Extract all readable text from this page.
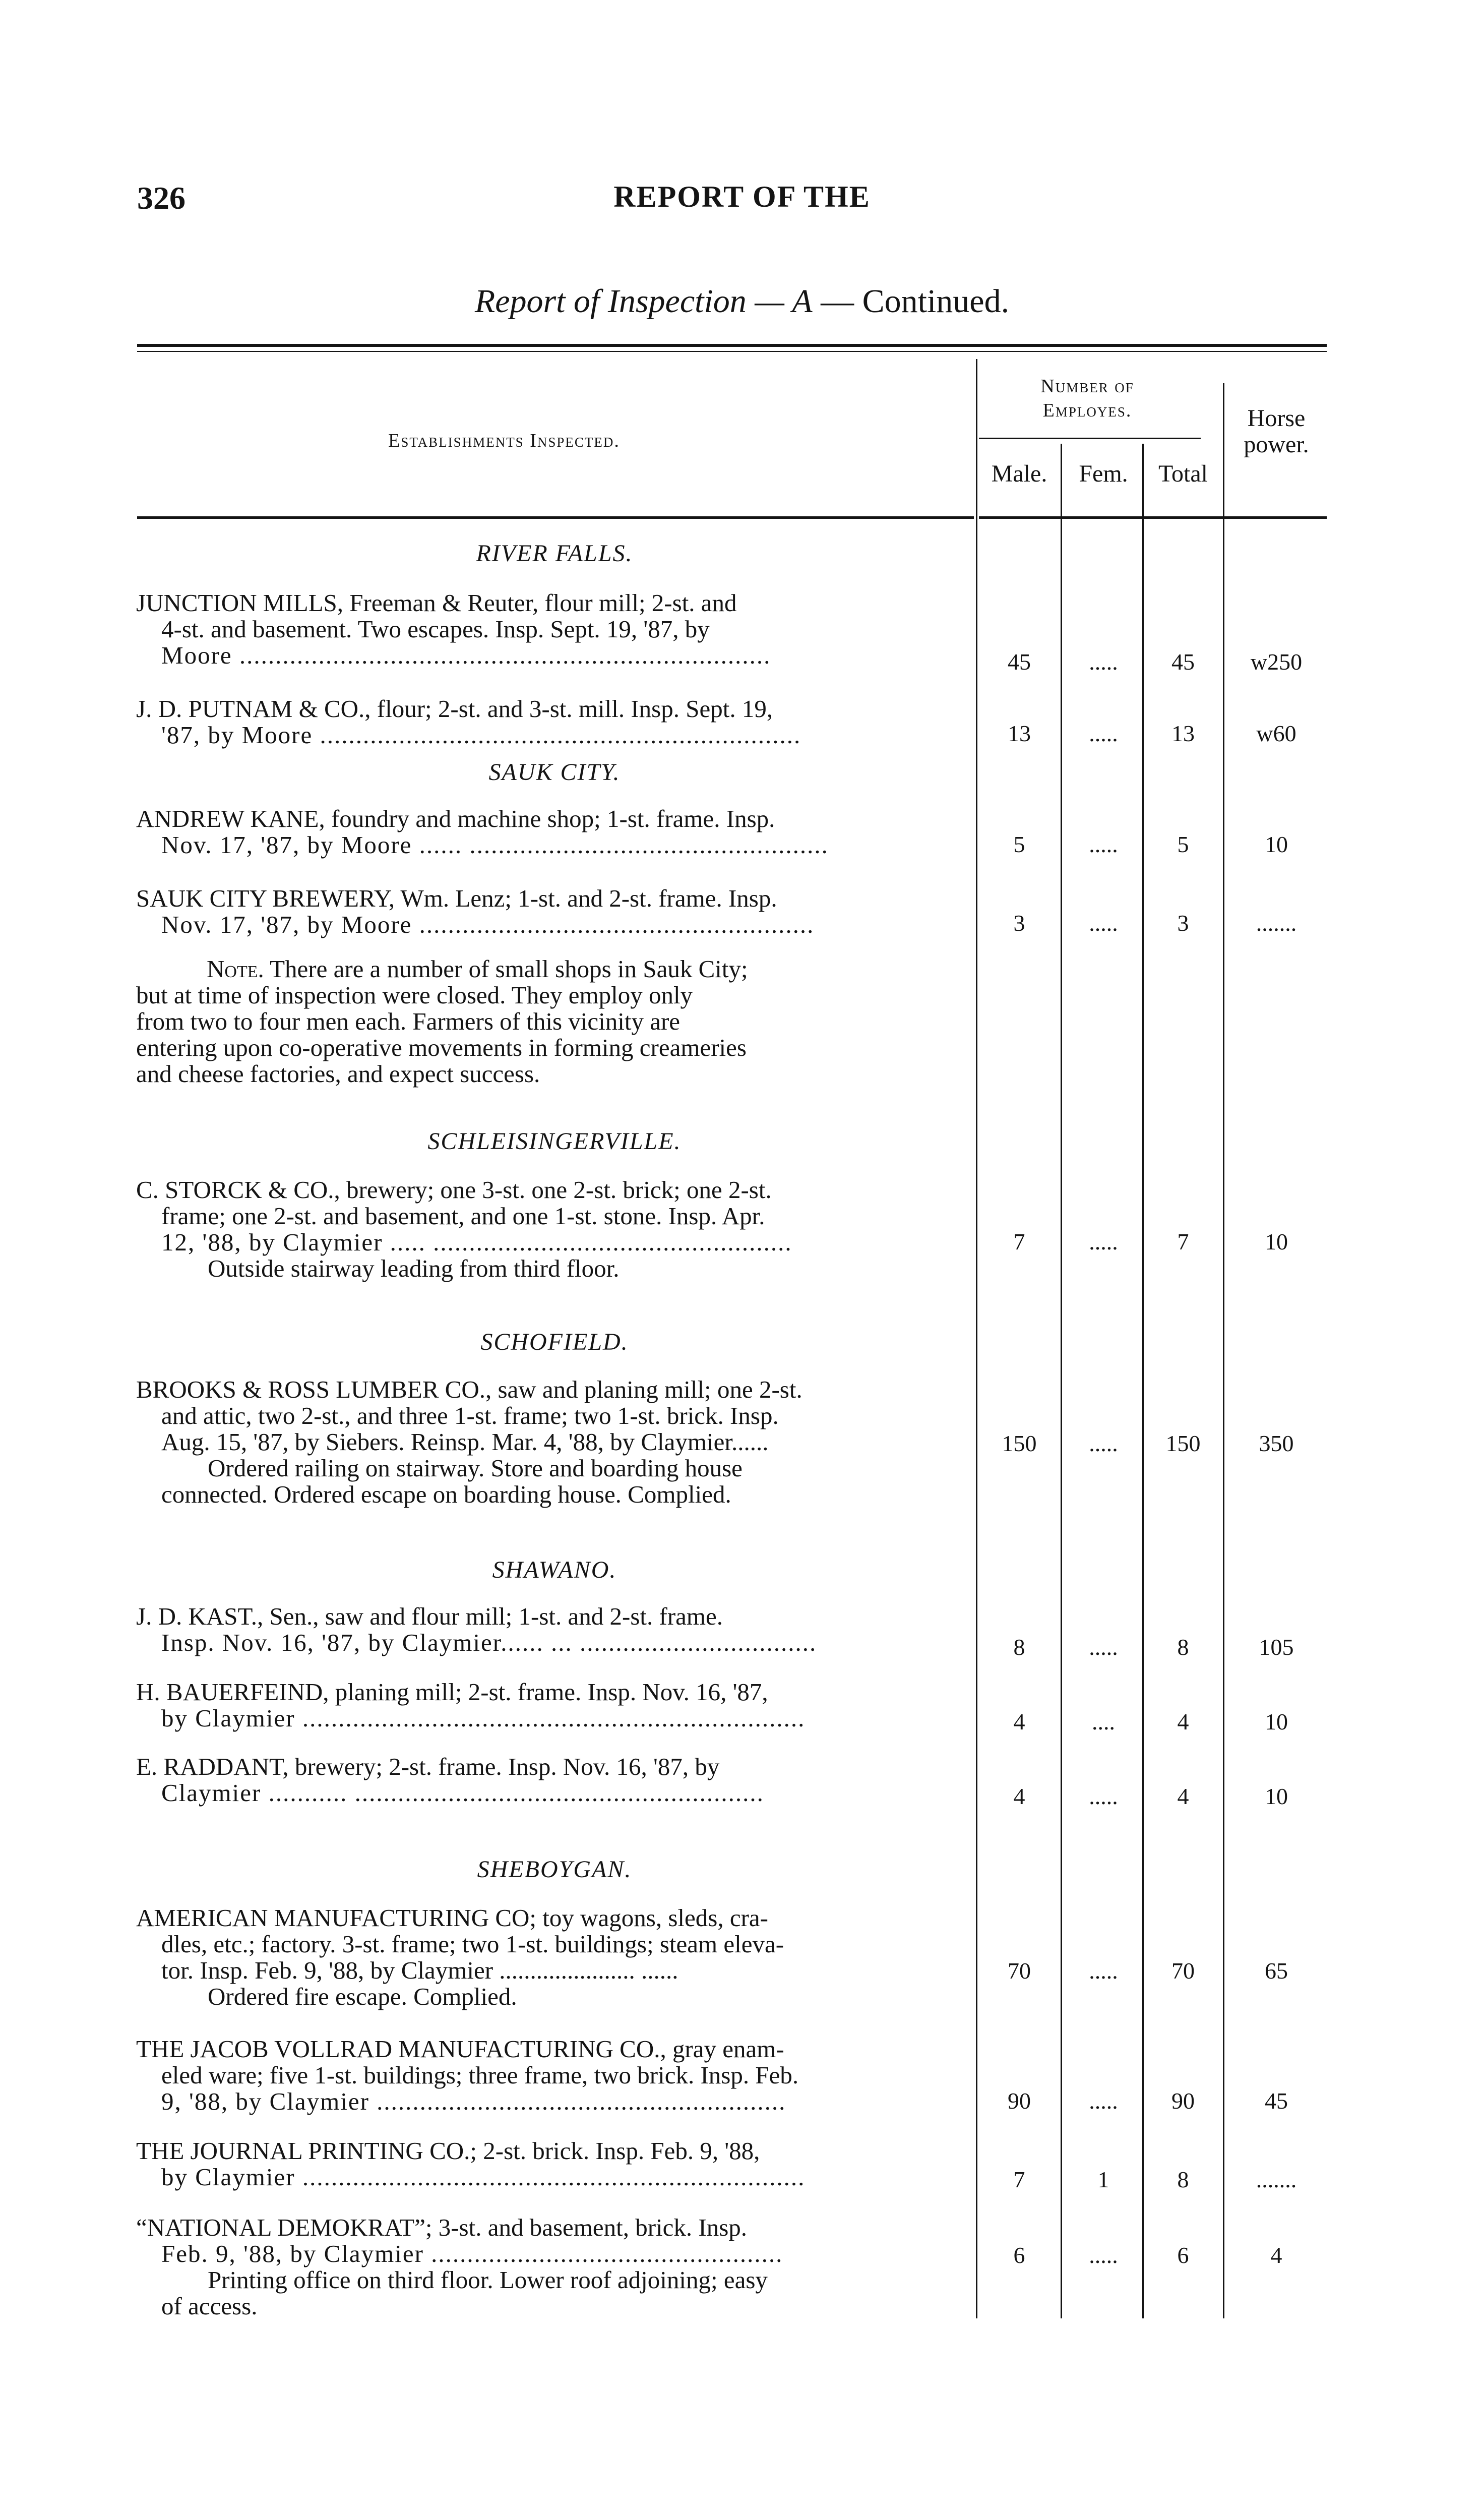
326	REPORT OF THE
Report of Inspection — A — Continued.
Establishments Inspected.
Number of
Employes.
Male.	Fem.	Total
Horse
power.
RIVER FALLS.
JUNCTION MILLS, Freeman & Reuter, flour mill; 2-st. and
4-st. and basement. Two escapes. Insp. Sept. 19, '87, by
Moore ..........................................................................	45	.....	45	w250
J. D. PUTNAM & CO., flour; 2-st. and 3-st. mill. Insp. Sept. 19,
'87, by Moore ...................................................................	13	.....	13	w60
SAUK CITY.
ANDREW KANE, foundry and machine shop; 1-st. frame. Insp.
Nov. 17, '87, by Moore ...... ..................................................	5	.....	5	10
SAUK CITY BREWERY, Wm. Lenz; 1-st. and 2-st. frame. Insp.
Nov. 17, '87, by Moore .......................................................	3	.....	3	.......
Note. There are a number of small shops in Sauk City;
but at time of inspection were closed. They employ only
from two to four men each. Farmers of this vicinity are
entering upon co-operative movements in forming creameries
and cheese factories, and expect success.
SCHLEISINGERVILLE.
C. STORCK & CO., brewery; one 3-st. one 2-st. brick; one 2-st.
frame; one 2-st. and basement, and one 1-st. stone. Insp. Apr.
12, '88, by Claymier ..... ..................................................
Outside stairway leading from third floor.
7	.....	7	10
SCHOFIELD.
BROOKS & ROSS LUMBER CO., saw and planing mill; one 2-st.
and attic, two 2-st., and three 1-st. frame; two 1-st. brick. Insp.
Aug. 15, '87, by Siebers. Reinsp. Mar. 4, '88, by Claymier......
Ordered railing on stairway. Store and boarding house
connected. Ordered escape on boarding house. Complied.
150	.....	150	350
SHAWANO.
J. D. KAST., Sen., saw and flour mill; 1-st. and 2-st. frame.
Insp. Nov. 16, '87, by Claymier...... ... .................................	8	.....	8	105
H. BAUERFEIND, planing mill; 2-st. frame. Insp. Nov. 16, '87,
by Claymier ......................................................................	4	....	4	10
E. RADDANT, brewery; 2-st. frame. Insp. Nov. 16, '87, by
Claymier ........... .........................................................	4	.....	4	10
SHEBOYGAN.
AMERICAN MANUFACTURING CO; toy wagons, sleds, cra-
dles, etc.; factory. 3-st. frame; two 1-st. buildings; steam eleva-
tor. Insp. Feb. 9, '88, by Claymier ...................... ......
Ordered fire escape. Complied.
70	.....	70	65
THE JACOB VOLLRAD MANUFACTURING CO., gray enam-
eled ware; five 1-st. buildings; three frame, two brick. Insp. Feb.
9, '88, by Claymier .........................................................	90	.....	90	45
THE JOURNAL PRINTING CO.; 2-st. brick. Insp. Feb. 9, '88,
by Claymier ......................................................................	7	1	8	.......
“NATIONAL DEMOKRAT”; 3-st. and basement, brick. Insp.
Feb. 9, '88, by Claymier .................................................
Printing office on third floor. Lower roof adjoining; easy
of access.
6	.....	6	4
